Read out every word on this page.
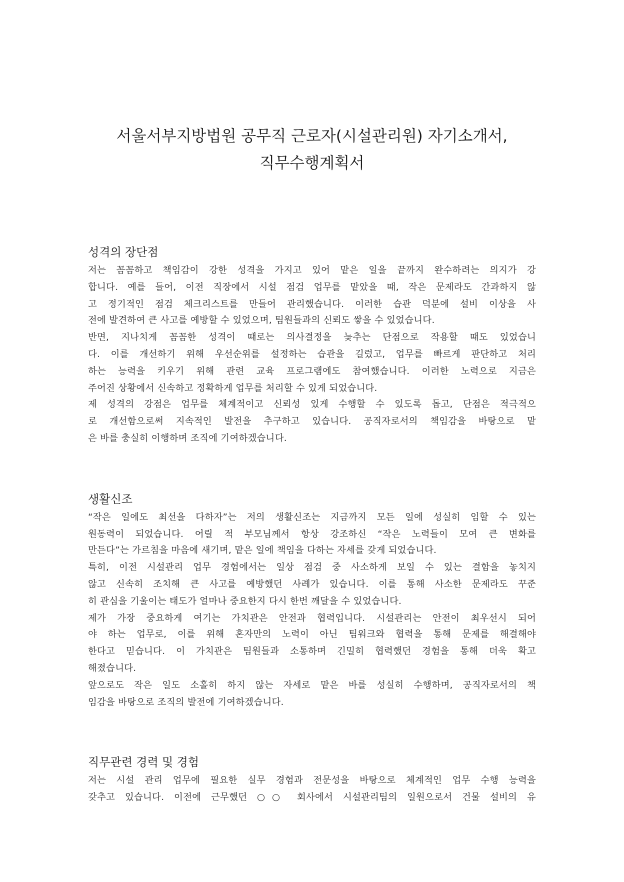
서울서부지방법원 공무직 근로자(시설관리원) 자기소개서,
직무수행계획서
성격의 장단점

저는 꼼꼼하고 책임감이 강한 성격을 가지고 있어 맡은 일을 끝까지 완수하려는 의지가 강
합니다. 예를 들어, 이전 직장에서 시설 점검 업무를 맡았을 때, 작은 문제라도 간과하지 않
고 정기적인 점검 체크리스트를 만들어 관리했습니다. 이러한 습관 덕분에 설비 이상을 사
전에 발견하여 큰 사고를 예방할 수 있었으며, 팀원들과의 신뢰도 쌓을 수 있었습니다.
반면, 지나치게 꼼꼼한 성격이 때로는 의사결정을 늦추는 단점으로 작용할 때도 있었습니
다. 이를 개선하기 위해 우선순위를 설정하는 습관을 길렀고, 업무를 빠르게 판단하고 처리
하는 능력을 키우기 위해 관련 교육 프로그램에도 참여했습니다. 이러한 노력으로 지금은
주어진 상황에서 신속하고 정확하게 업무를 처리할 수 있게 되었습니다.
제 성격의 강점은 업무를 체계적이고 신뢰성 있게 수행할 수 있도록 돕고, 단점은 적극적으
로 개선함으로써 지속적인 발전을 추구하고 있습니다. 공직자로서의 책임감을 바탕으로 맡
은 바를 충실히 이행하며 조직에 기여하겠습니다.

생활신조

“작은 일에도 최선을 다하자”는 저의 생활신조는 지금까지 모든 일에 성실히 임할 수 있는
원동력이 되었습니다. 어릴 적 부모님께서 항상 강조하신 “작은 노력들이 모여 큰 변화를
만든다”는 가르침을 마음에 새기며, 맡은 일에 책임을 다하는 자세를 갖게 되었습니다.
특히, 이전 시설관리 업무 경험에서는 일상 점검 중 사소하게 보일 수 있는 결함을 놓치지
않고 신속히 조치해 큰 사고를 예방했던 사례가 있습니다. 이를 통해 사소한 문제라도 꾸준
히 관심을 기울이는 태도가 얼마나 중요한지 다시 한번 깨달을 수 있었습니다.
제가 가장 중요하게 여기는 가치관은 안전과 협력입니다. 시설관리는 안전이 최우선시 되어
야 하는 업무로, 이를 위해 혼자만의 노력이 아닌 팀워크와 협력을 통해 문제를 해결해야
한다고 믿습니다. 이 가치관은 팀원들과 소통하며 긴밀히 협력했던 경험을 통해 더욱 확고
해졌습니다.
앞으로도 작은 일도 소홀히 하지 않는 자세로 맡은 바를 성실히 수행하며, 공직자로서의 책
임감을 바탕으로 조직의 발전에 기여하겠습니다.

직무관련 경력 및 경험

저는 시설 관리 업무에 필요한 실무 경험과 전문성을 바탕으로 체계적인 업무 수행 능력을
갖추고 있습니다. 이전에 근무했던 ○○ 회사에서 시설관리팀의 일원으로서 건물 설비의 유
